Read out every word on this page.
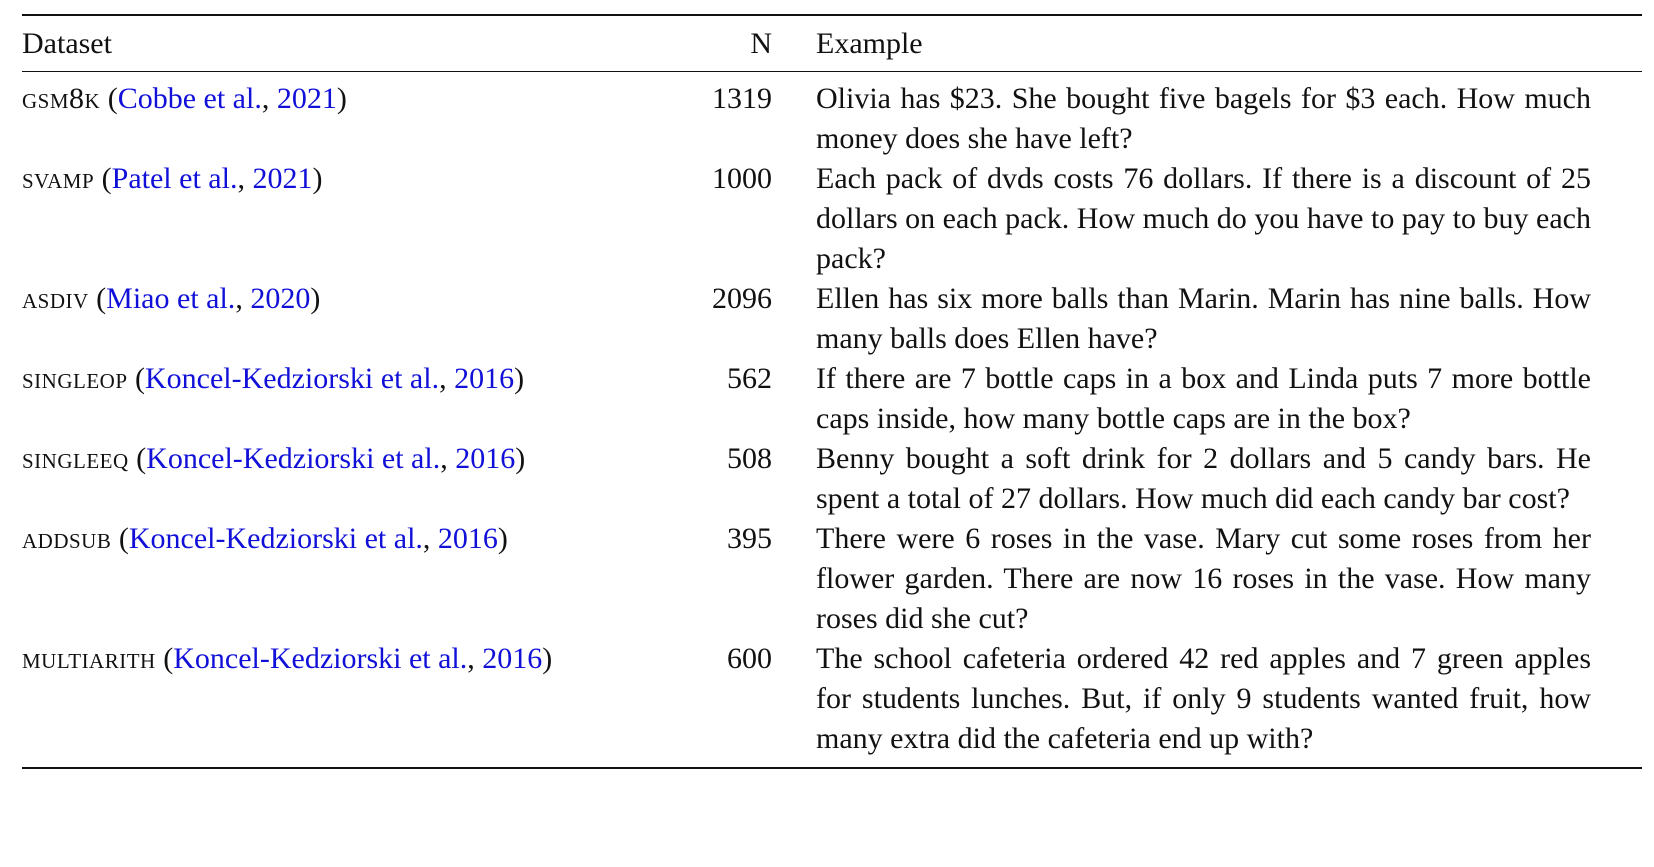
Dataset	N Example
gsm8k (Cobbe et al., 2021)	1319 Olivia has $23. She bought five bagels for $3 each. How much money does she have left?
svamp (Patel et al., 2021)	1000 Each pack of dvds costs 76 dollars. If there is a discount of 25 dollars on each pack. How much do you have to pay to buy each pack?
asdiv (Miao et al., 2020)	2096 Ellen has six more balls than Marin. Marin has nine balls. How many balls does Ellen have?
singleop (Koncel-Kedziorski et al., 2016)	562 If there are 7 bottle caps in a box and Linda puts 7 more bottle caps inside, how many bottle caps are in the box?
singleeq (Koncel-Kedziorski et al., 2016)	508 Benny bought a soft drink for 2 dollars and 5 candy bars. He spent a total of 27 dollars. How much did each candy bar cost?
addsub (Koncel-Kedziorski et al., 2016)	395 There were 6 roses in the vase. Mary cut some roses from her flower garden. There are now 16 roses in the vase. How many roses did she cut?
multiarith (Koncel-Kedziorski et al., 2016)	600 The school cafeteria ordered 42 red apples and 7 green apples for students lunches. But, if only 9 students wanted fruit, how many extra did the cafeteria end up with?
